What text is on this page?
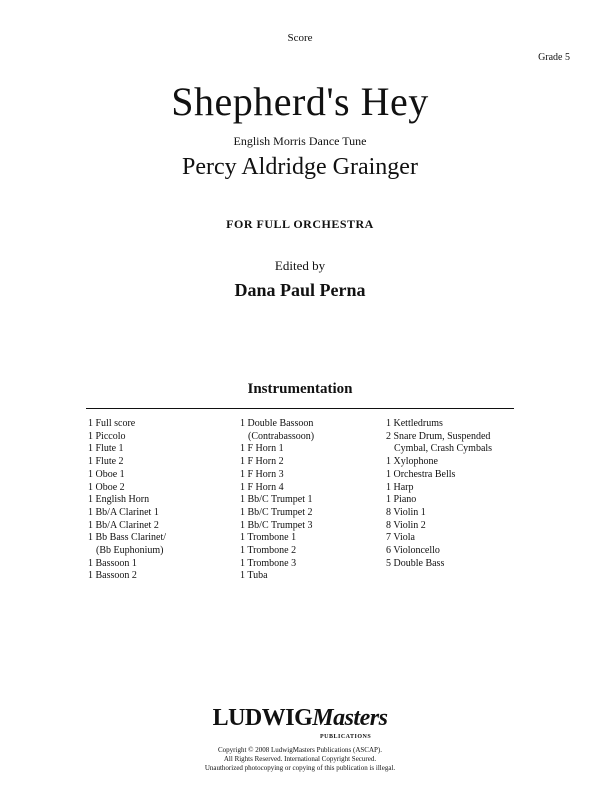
Score
Grade 5
Shepherd's Hey
English Morris Dance Tune
Percy Aldridge Grainger
FOR FULL ORCHESTRA
Edited by
Dana Paul Perna
Instrumentation
1 Full score
1 Piccolo
1 Flute 1
1 Flute 2
1 Oboe 1
1 Oboe 2
1 English Horn
1 Bb/A Clarinet 1
1 Bb/A Clarinet 2
1 Bb Bass Clarinet/
(Bb Euphonium)
1 Bassoon 1
1 Bassoon 2
1 Double Bassoon
(Contrabassoon)
1 F Horn 1
1 F Horn 2
1 F Horn 3
1 F Horn 4
1 Bb/C Trumpet 1
1 Bb/C Trumpet 2
1 Bb/C Trumpet 3
1 Trombone 1
1 Trombone 2
1 Trombone 3
1 Tuba
1 Kettledrums
2 Snare Drum, Suspended
Cymbal, Crash Cymbals
1 Xylophone
1 Orchestra Bells
1 Harp
1 Piano
8 Violin 1
8 Violin 2
7 Viola
6 Violoncello
5 Double Bass
LUDWIGMasters
PUBLICATIONS
Copyright © 2008 LudwigMasters Publications (ASCAP).
All Rights Reserved. International Copyright Secured.
Unauthorized photocopying or copying of this publication is illegal.
